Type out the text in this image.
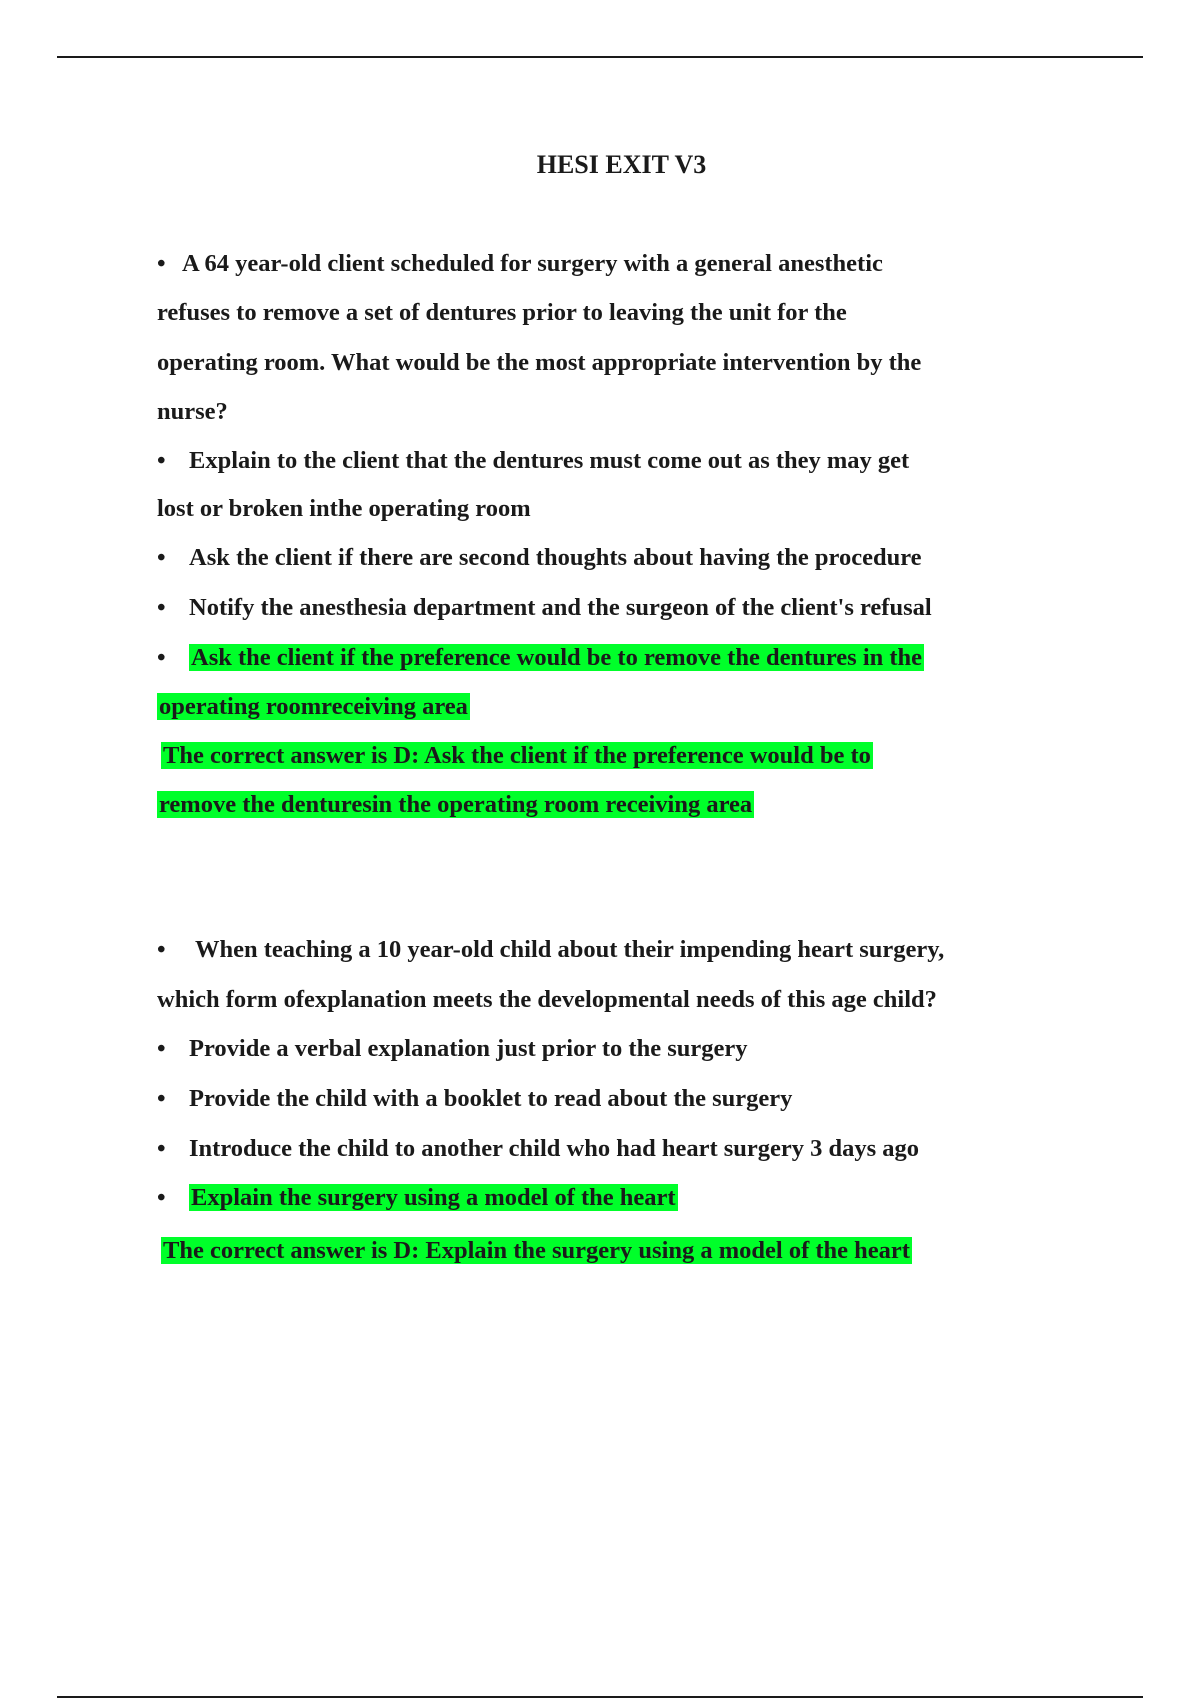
HESI EXIT V3

• A 64 year-old client scheduled for surgery with a general anesthetic

refuses to remove a set of dentures prior to leaving the unit for the

operating room. What would be the most appropriate intervention by the

nurse?

• Explain to the client that the dentures must come out as they may get

lost or broken inthe operating room

• Ask the client if there are second thoughts about having the procedure

• Notify the anesthesia department and the surgeon of the client's refusal

• Ask the client if the preference would be to remove the dentures in the

operating roomreceiving area

The correct answer is D: Ask the client if the preference would be to

remove the denturesin the operating room receiving area

• When teaching a 10 year-old child about their impending heart surgery,

which form ofexplanation meets the developmental needs of this age child?

• Provide a verbal explanation just prior to the surgery

• Provide the child with a booklet to read about the surgery

• Introduce the child to another child who had heart surgery 3 days ago

• Explain the surgery using a model of the heart

The correct answer is D: Explain the surgery using a model of the heart
